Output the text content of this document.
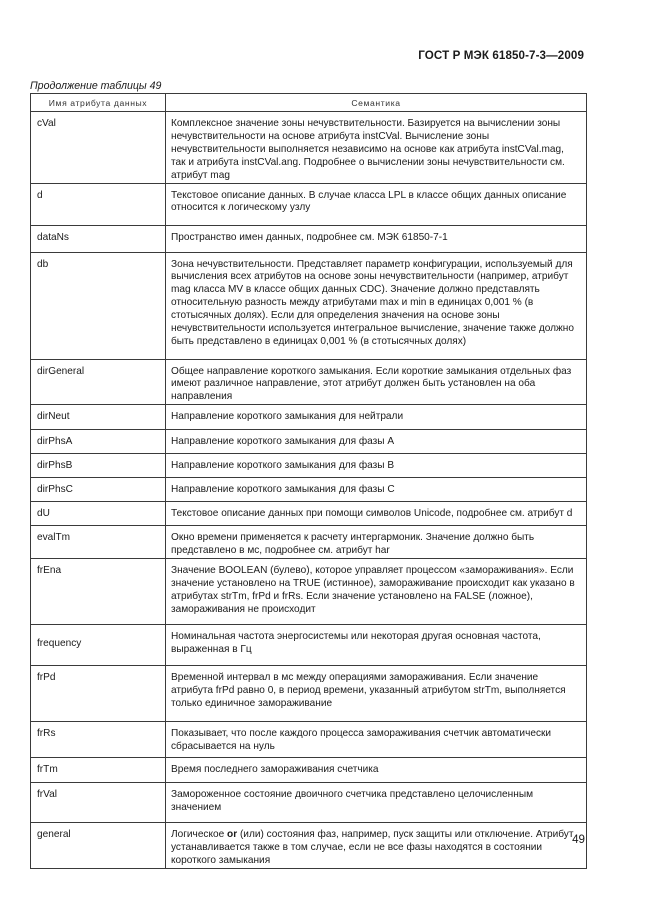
ГОСТ Р МЭК 61850-7-3—2009
Продолжение таблицы 49
Имя атрибута данных	Семантика
cVal	Комплексное значение зоны нечувствительности. Базируется на вычислении зоны нечувствительности на основе атрибута instCVal. Вычисление зоны нечувствительности выполняется независимо на основе как атрибута instCVal.mag, так и атрибута instCVal.ang. Подробнее о вычислении зоны нечувствительности см. атрибут mag
d	Текстовое описание данных. В случае класса LPL в классе общих данных описание относится к логическому узлу
dataNs	Пространство имен данных, подробнее см. МЭК 61850-7-1
db	Зона нечувствительности. Представляет параметр конфигурации, используемый для вычисления всех атрибутов на основе зоны нечувствительности (например, атрибут mag класса MV в классе общих данных CDC). Значение должно представлять относительную разность между атрибутами max и min в единицах 0,001 % (в стотысячных долях). Если для определения значения на основе зоны нечувствительности используется интегральное вычисление, значение также должно быть представлено в единицах 0,001 % (в стотысячных долях)
dirGeneral	Общее направление короткого замыкания. Если короткие замыкания отдельных фаз имеют различное направление, этот атрибут должен быть установлен на оба направления
dirNeut	Направление короткого замыкания для нейтрали
dirPhsA	Направление короткого замыкания для фазы А
dirPhsB	Направление короткого замыкания для фазы В
dirPhsC	Направление короткого замыкания для фазы С
dU	Текстовое описание данных при помощи символов Unicode, подробнее см. атрибут d
evalTm	Окно времени применяется к расчету интергармоник. Значение должно быть представлено в мс, подробнее см. атрибут har
frEna	Значение BOOLEAN (булево), которое управляет процессом «замораживания». Если значение установлено на TRUE (истинное), замораживание происходит как указано в атрибутах strTm, frPd и frRs. Если значение установлено на FALSE (ложное), замораживания не происходит
frequency	Номинальная частота энергосистемы или некоторая другая основная частота, выраженная в Гц
frPd	Временной интервал в мс между операциями замораживания. Если значение атрибута frPd равно 0, в период времени, указанный атрибутом strTm, выполняется только единичное замораживание
frRs	Показывает, что после каждого процесса замораживания счетчик автоматически сбрасывается на нуль
frTm	Время последнего замораживания счетчика
frVal	Замороженное состояние двоичного счетчика представлено целочисленным значением
general	Логическое or (или) состояния фаз, например, пуск защиты или отключение. Атрибут устанавливается также в том случае, если не все фазы находятся в состоянии короткого замыкания
49
